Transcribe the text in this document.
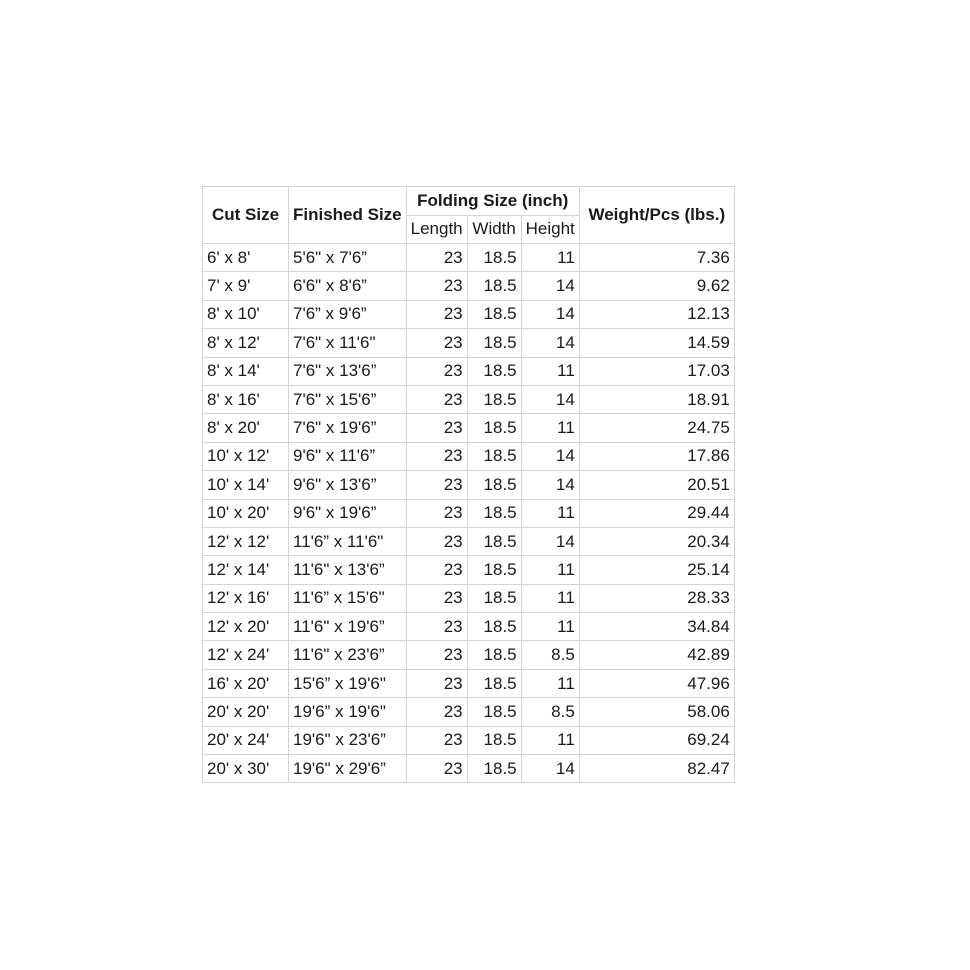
Cut Size	Finished Size	Folding Size (inch)			Weight/Pcs (lbs.)
		Length	Width	Height	
6' x 8'	5'6" x 7'6”	23	18.5	11	7.36
7' x 9'	6'6" x 8'6”	23	18.5	14	9.62
8' x 10'	7'6” x 9'6”	23	18.5	14	12.13
8' x 12'	7'6" x 11'6"	23	18.5	14	14.59
8' x 14'	7'6" x 13'6”	23	18.5	11	17.03
8' x 16'	7'6" x 15'6”	23	18.5	14	18.91
8' x 20'	7'6" x 19'6”	23	18.5	11	24.75
10' x 12'	9'6" x 11'6”	23	18.5	14	17.86
10' x 14'	9'6" x 13'6”	23	18.5	14	20.51
10' x 20'	9'6" x 19'6”	23	18.5	11	29.44
12' x 12'	11'6” x 11'6"	23	18.5	14	20.34
12' x 14'	11'6" x 13'6”	23	18.5	11	25.14
12' x 16'	11'6” x 15'6"	23	18.5	11	28.33
12' x 20'	11'6" x 19'6”	23	18.5	11	34.84
12' x 24'	11'6" x 23'6”	23	18.5	8.5	42.89
16' x 20'	15'6” x 19'6"	23	18.5	11	47.96
20' x 20'	19'6” x 19'6"	23	18.5	8.5	58.06
20' x 24'	19'6" x 23'6”	23	18.5	11	69.24
20' x 30'	19'6" x 29'6”	23	18.5	14	82.47
